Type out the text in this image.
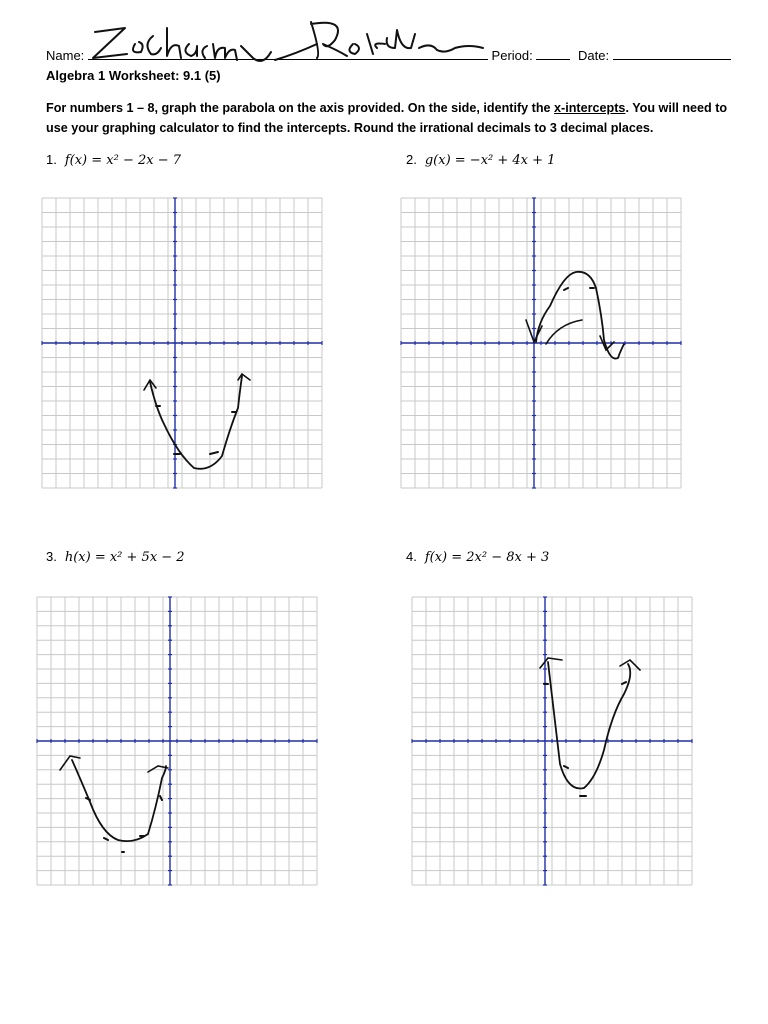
Name:	Period:	Date:
Algebra 1 Worksheet: 9.1 (5)
For numbers 1 – 8, graph the parabola on the axis provided. On the side, identify the x-intercepts. You will need to
use your graphing calculator to find the intercepts. Round the irrational decimals to 3 decimal places.
1. f(x) = x² − 2x − 7	2. g(x) = −x² + 4x + 1
3. h(x) = x² + 5x − 2	4. f(x) = 2x² − 8x + 3
